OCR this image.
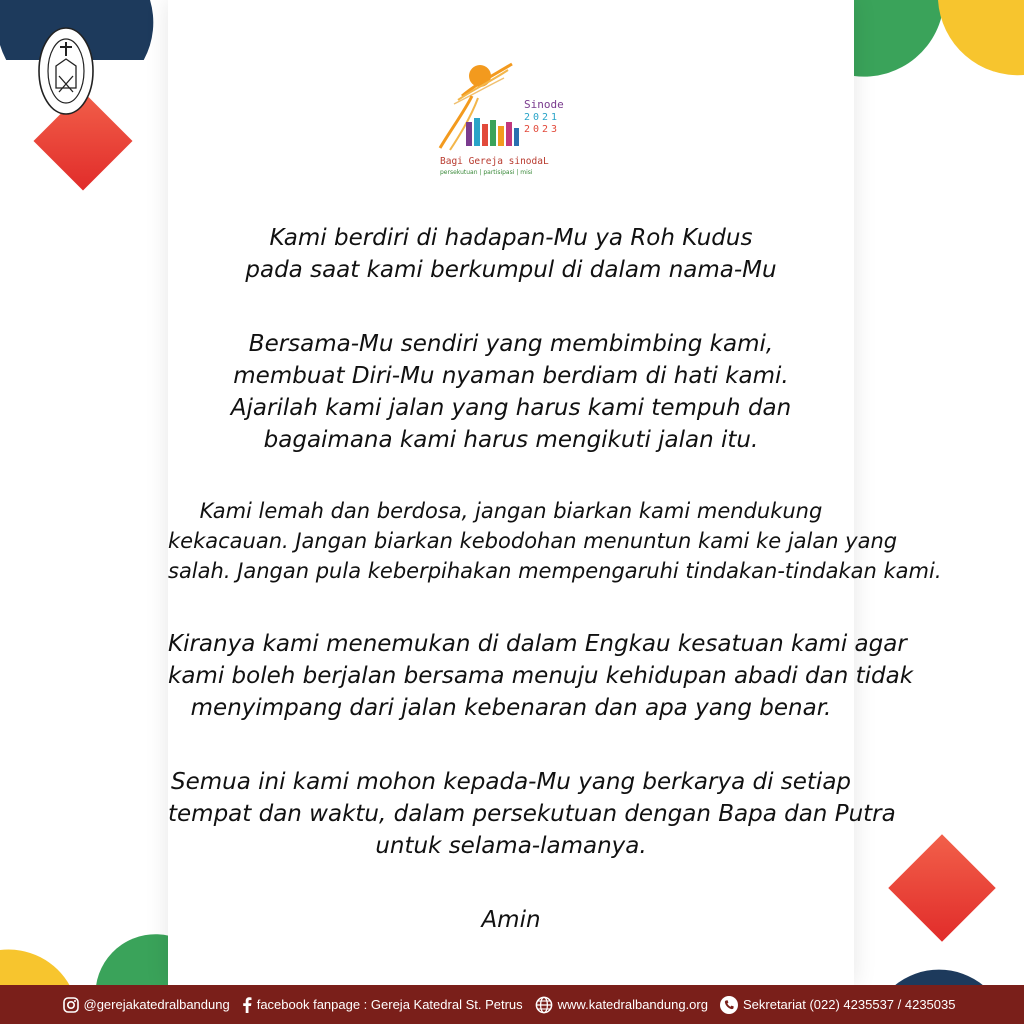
Sinode
2021
2023
Bagi Gereja sinodaL
persekutuan | partisipasi | misi

Kami berdiri di hadapan-Mu ya Roh Kudus
pada saat kami berkumpul di dalam nama-Mu

Bersama-Mu sendiri yang membimbing kami,
membuat Diri-Mu nyaman berdiam di hati kami.
Ajarilah kami jalan yang harus kami tempuh dan
bagaimana kami harus mengikuti jalan itu.

Kami lemah dan berdosa, jangan biarkan kami mendukung
kekacauan. Jangan biarkan kebodohan menuntun kami ke jalan yang
salah. Jangan pula keberpihakan mempengaruhi tindakan-tindakan kami.

Kiranya kami menemukan di dalam Engkau kesatuan kami agar
kami boleh berjalan bersama menuju kehidupan abadi dan tidak
menyimpang dari jalan kebenaran dan apa yang benar.

Semua ini kami mohon kepada-Mu yang berkarya di setiap
tempat dan waktu, dalam persekutuan dengan Bapa dan Putra
untuk selama-lamanya.

Amin

@gerejakatedralbandung facebook fanpage : Gereja Katedral St. Petrus	www.katedralbandung.org	Sekretariat (022) 4235537 / 4235035
